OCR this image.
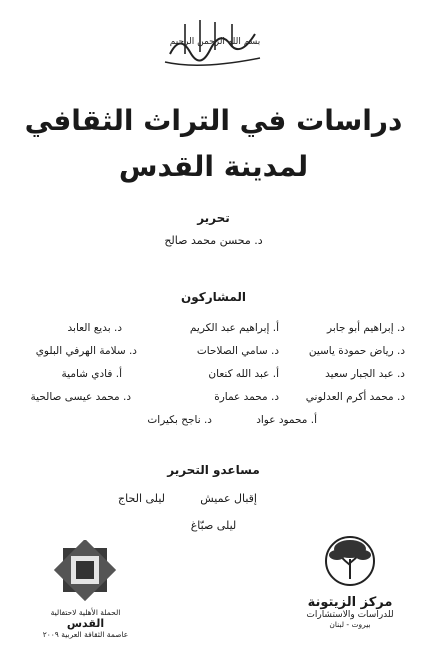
بسم الله الرحمن الرحيم
دراسات في التراث الثقافي
لمدينة القدس
تحرير
د. محسن محمد صالح
المشاركون
د. إبراهيم أبو جابر
أ. إبراهيم عبد الكريم
د. بديع العابد
د. رياض حمودة ياسين
د. سامي الصلاحات
د. سلامة الهرفي البلوي
د. عبد الجبار سعيد
أ. عبد الله كنعان
أ. فادي شامية
د. محمد أكرم العدلوني
د. محمد عمارة
د. محمد عيسى صالحية
أ. محمود عواد
د. ناجح بكيرات
مساعدو التحرير
إقبال عميش
ليلى الحاج
ليلى صبّاغ
الحملة الأهلية لاحتفالية
القدس
عاصمة الثقافة العربية ٢٠٠٩
مركز الزيتونة
للدراسات والاستشارات
بيروت - لبنان
